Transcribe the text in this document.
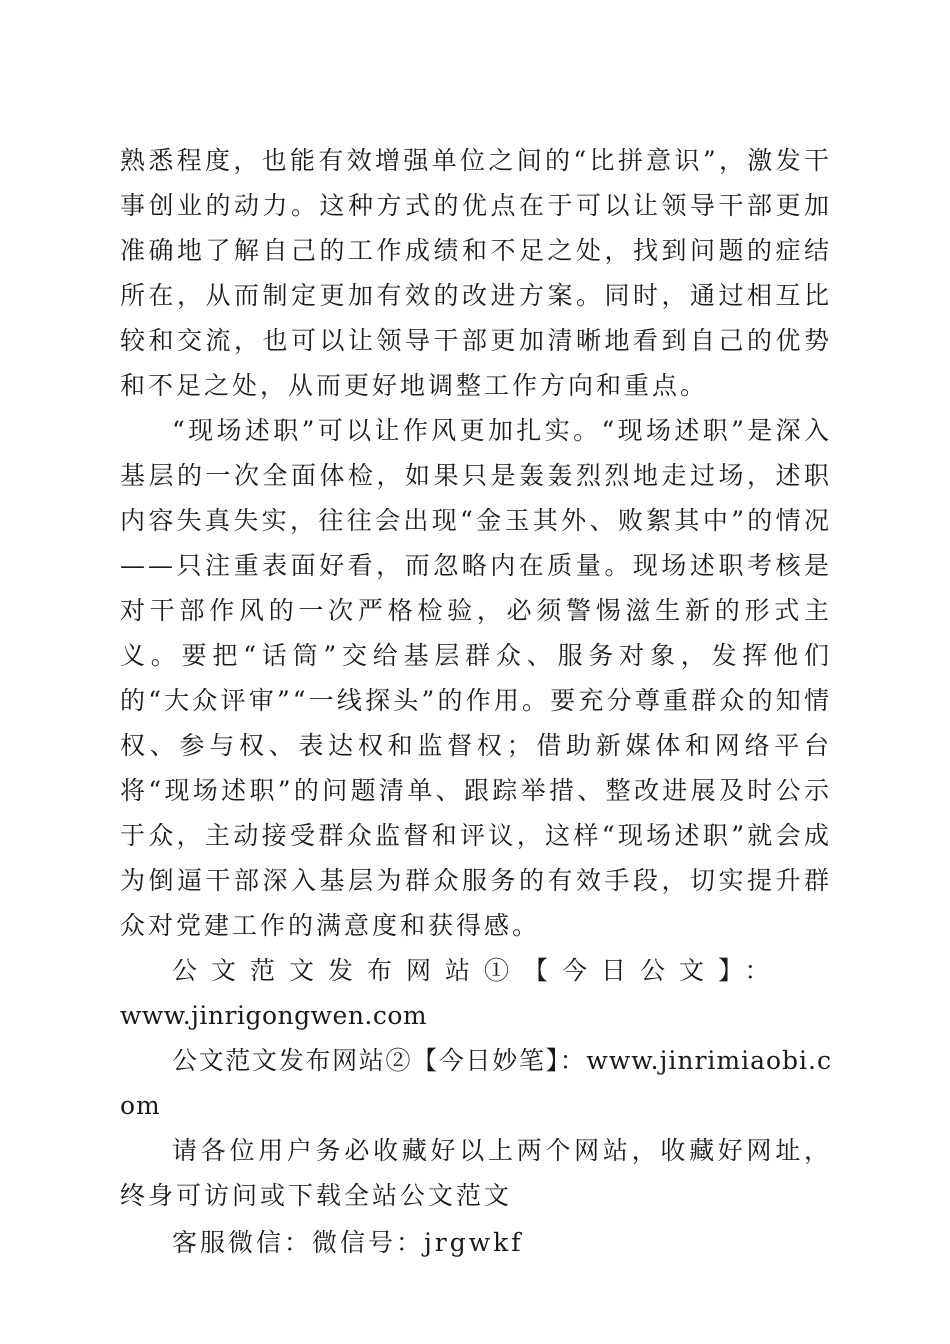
熟悉程度，也能有效增强单位之间的“比拼意识”，激发干事创业的动力。这种方式的优点在于可以让领导干部更加准确地了解自己的工作成绩和不足之处，找到问题的症结所在，从而制定更加有效的改进方案。同时，通过相互比较和交流，也可以让领导干部更加清晰地看到自己的优势和不足之处，从而更好地调整工作方向和重点。

“现场述职”可以让作风更加扎实。“现场述职”是深入基层的一次全面体检，如果只是轰轰烈烈地走过场，述职内容失真失实，往往会出现“金玉其外、败絮其中”的情况——只注重表面好看，而忽略内在质量。现场述职考核是对干部作风的一次严格检验，必须警惕滋生新的形式主义。要把“话筒”交给基层群众、服务对象，发挥他们的“大众评审”“一线探头”的作用。要充分尊重群众的知情权、参与权、表达权和监督权；借助新媒体和网络平台将“现场述职”的问题清单、跟踪举措、整改进展及时公示于众，主动接受群众监督和评议，这样“现场述职”就会成为倒逼干部深入基层为群众服务的有效手段，切实提升群众对党建工作的满意度和获得感。

公文范文发布网站①【今日公文】：

www.jinrigongwen.com

公文范文发布网站②【今日妙笔】：www.jinrimiaobi.com

请各位用户务必收藏好以上两个网站，收藏好网址，终身可访问或下载全站公文范文

客服微信：微信号：jrgwkf
